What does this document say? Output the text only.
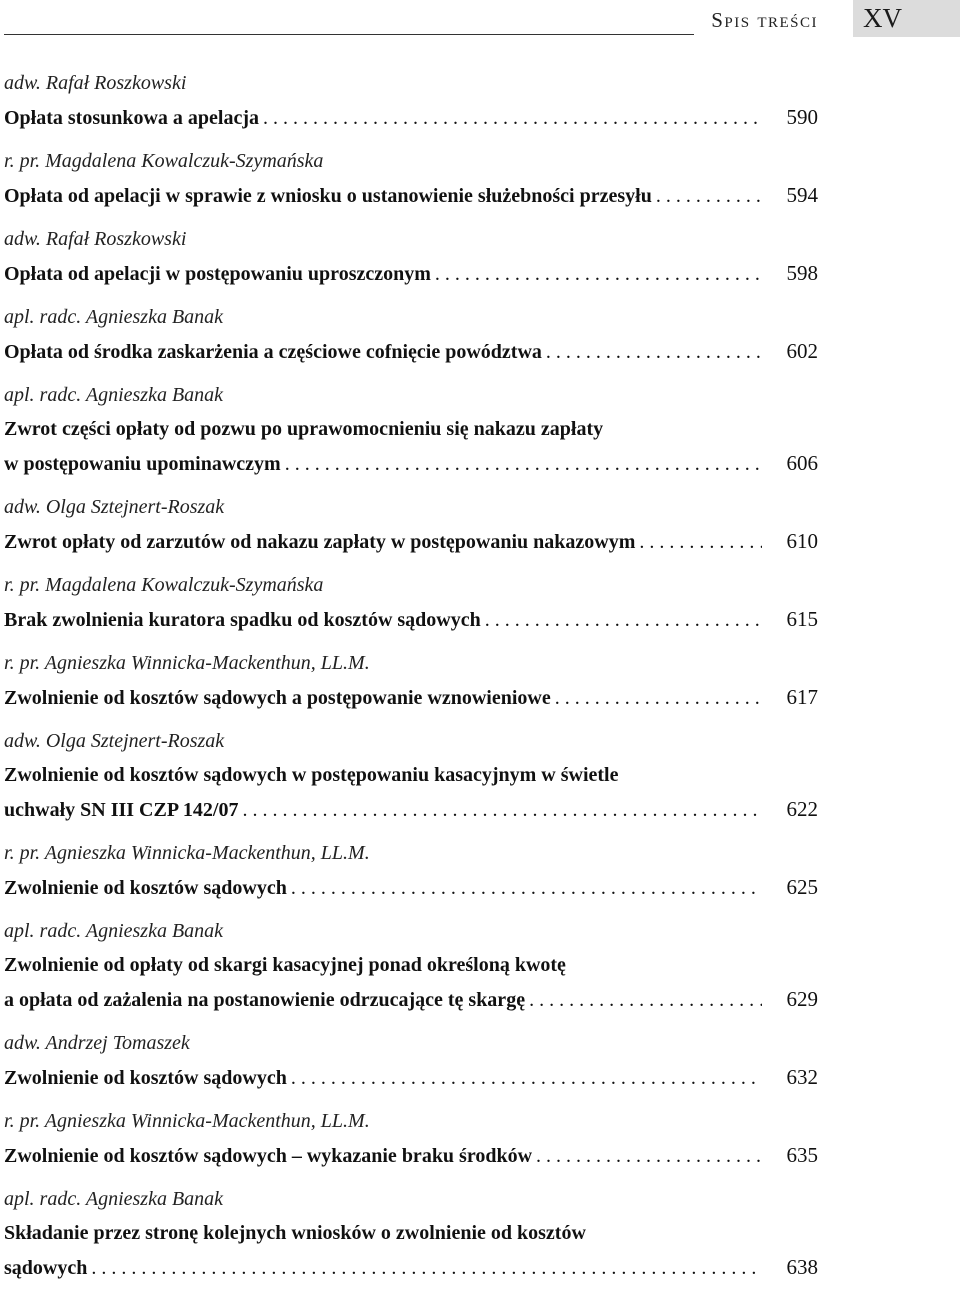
Spis treści XV
adw. Rafał Roszkowski
Opłata stosunkowa a apelacja . . .	590
r. pr. Magdalena Kowalczuk-Szymańska
Opłata od apelacji w sprawie z wniosku o ustanowienie służebności przesyłu . . .	594
adw. Rafał Roszkowski
Opłata od apelacji w postępowaniu uproszczonym . . .	598
apl. radc. Agnieszka Banak
Opłata od środka zaskarżenia a częściowe cofnięcie powództwa . . .	602
apl. radc. Agnieszka Banak
Zwrot części opłaty od pozwu po uprawomocnieniu się nakazu zapłaty
w postępowaniu upominawczym . . .	606
adw. Olga Sztejnert-Roszak
Zwrot opłaty od zarzutów od nakazu zapłaty w postępowaniu nakazowym . . .	610
r. pr. Magdalena Kowalczuk-Szymańska
Brak zwolnienia kuratora spadku od kosztów sądowych . . .	615
r. pr. Agnieszka Winnicka-Mackenthun, LL.M.
Zwolnienie od kosztów sądowych a postępowanie wznowieniowe . . .	617
adw. Olga Sztejnert-Roszak
Zwolnienie od kosztów sądowych w postępowaniu kasacyjnym w świetle
uchwały SN III CZP 142/07 . . .	622
r. pr. Agnieszka Winnicka-Mackenthun, LL.M.
Zwolnienie od kosztów sądowych . . .	625
apl. radc. Agnieszka Banak
Zwolnienie od opłaty od skargi kasacyjnej ponad określoną kwotę
a opłata od zażalenia na postanowienie odrzucające tę skargę . . .	629
adw. Andrzej Tomaszek
Zwolnienie od kosztów sądowych . . .	632
r. pr. Agnieszka Winnicka-Mackenthun, LL.M.
Zwolnienie od kosztów sądowych – wykazanie braku środków . . .	635
apl. radc. Agnieszka Banak
Składanie przez stronę kolejnych wniosków o zwolnienie od kosztów
sądowych . . .	638
